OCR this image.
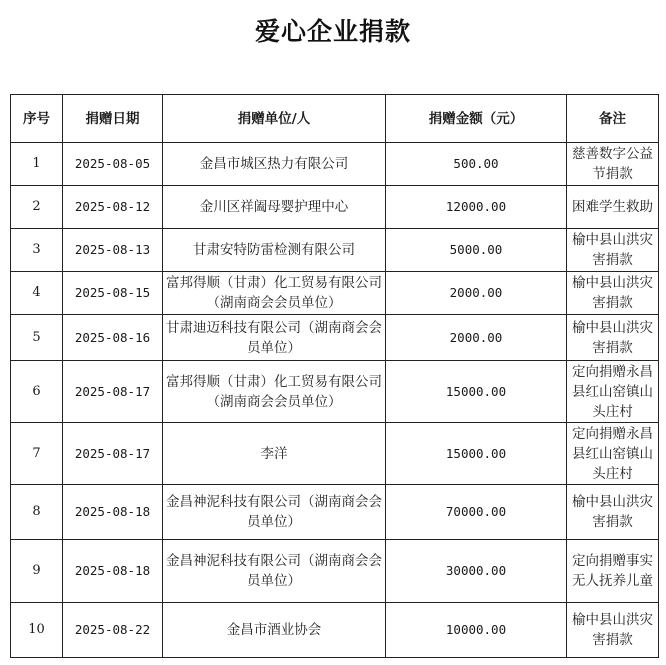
爱心企业捐款
序号	捐赠日期	捐赠单位/人	捐赠金额（元）	备注
1	2025-08-05	金昌市城区热力有限公司	500.00	慈善数字公益节捐款
2	2025-08-12	金川区祥阖母婴护理中心	12000.00	困难学生救助
3	2025-08-13	甘肃安特防雷检测有限公司	5000.00	榆中县山洪灾害捐款
4	2025-08-15	富邦得顺（甘肃）化工贸易有限公司（湖南商会会员单位）	2000.00	榆中县山洪灾害捐款
5	2025-08-16	甘肃迪迈科技有限公司（湖南商会会员单位）	2000.00	榆中县山洪灾害捐款
6	2025-08-17	富邦得顺（甘肃）化工贸易有限公司（湖南商会会员单位）	15000.00	定向捐赠永昌县红山窑镇山头庄村
7	2025-08-17	李洋	15000.00	定向捐赠永昌县红山窑镇山头庄村
8	2025-08-18	金昌神泥科技有限公司（湖南商会会员单位）	70000.00	榆中县山洪灾害捐款
9	2025-08-18	金昌神泥科技有限公司（湖南商会会员单位）	30000.00	定向捐赠事实无人抚养儿童
10	2025-08-22	金昌市酒业协会	10000.00	榆中县山洪灾害捐款
